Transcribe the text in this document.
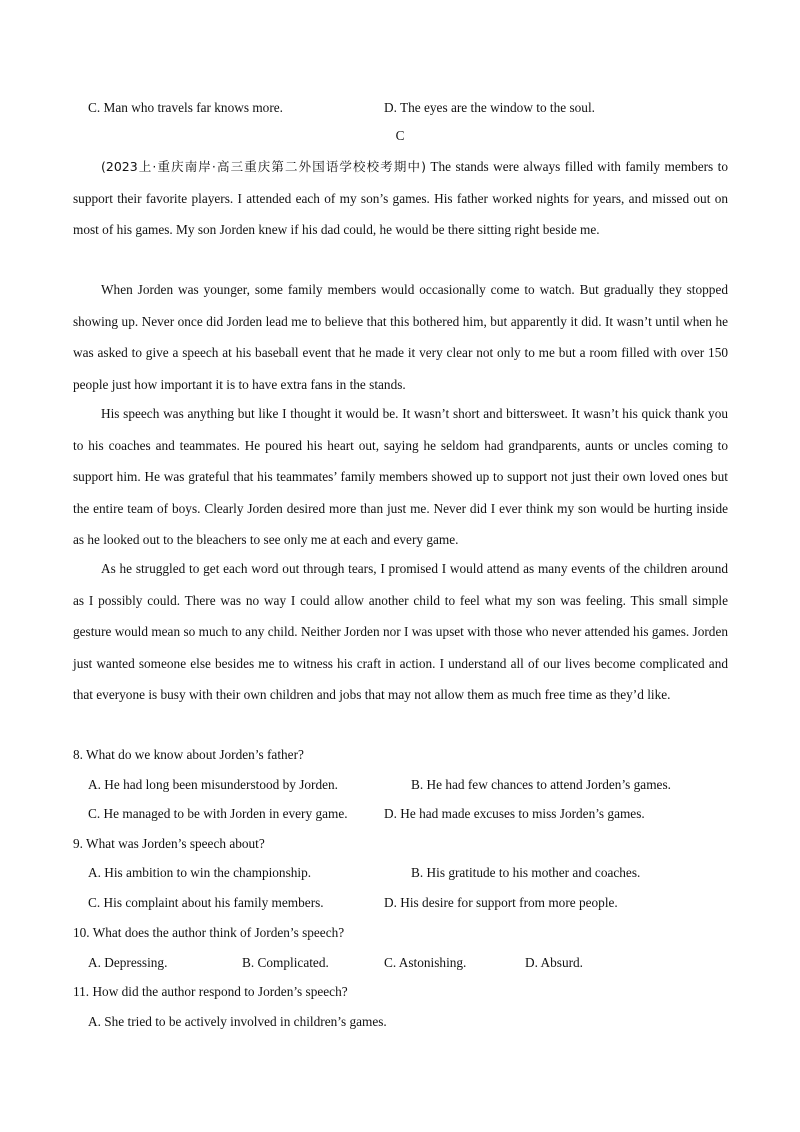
C. Man who travels far knows more.	D. The eyes are the window to the soul.
C
(2023上·重庆南岸·高三重庆第二外国语学校校考期中) The stands were always filled with family members to support their favorite players. I attended each of my son’s games. His father worked nights for years, and missed out on most of his games. My son Jorden knew if his dad could, he would be there sitting right beside me.
When Jorden was younger, some family members would occasionally come to watch. But gradually they stopped showing up. Never once did Jorden lead me to believe that this bothered him, but apparently it did. It wasn’t until when he was asked to give a speech at his baseball event that he made it very clear not only to me but a room filled with over 150 people just how important it is to have extra fans in the stands.
His speech was anything but like I thought it would be. It wasn’t short and bittersweet. It wasn’t his quick thank you to his coaches and teammates. He poured his heart out, saying he seldom had grandparents, aunts or uncles coming to support him. He was grateful that his teammates’ family members showed up to support not just their own loved ones but the entire team of boys. Clearly Jorden desired more than just me. Never did I ever think my son would be hurting inside as he looked out to the bleachers to see only me at each and every game.
As he struggled to get each word out through tears, I promised I would attend as many events of the children around as I possibly could. There was no way I could allow another child to feel what my son was feeling. This small simple gesture would mean so much to any child. Neither Jorden nor I was upset with those who never attended his games. Jorden just wanted someone else besides me to witness his craft in action. I understand all of our lives become complicated and that everyone is busy with their own children and jobs that may not allow them as much free time as they’d like.
8. What do we know about Jorden’s father?
A. He had long been misunderstood by Jorden.	B. He had few chances to attend Jorden’s games.
C. He managed to be with Jorden in every game.	D. He had made excuses to miss Jorden’s games.
9. What was Jorden’s speech about?
A. His ambition to win the championship.	B. His gratitude to his mother and coaches.
C. His complaint about his family members.	D. His desire for support from more people.
10. What does the author think of Jorden’s speech?
A. Depressing.	B. Complicated.	C. Astonishing.	D. Absurd.
11. How did the author respond to Jorden’s speech?
A. She tried to be actively involved in children’s games.
